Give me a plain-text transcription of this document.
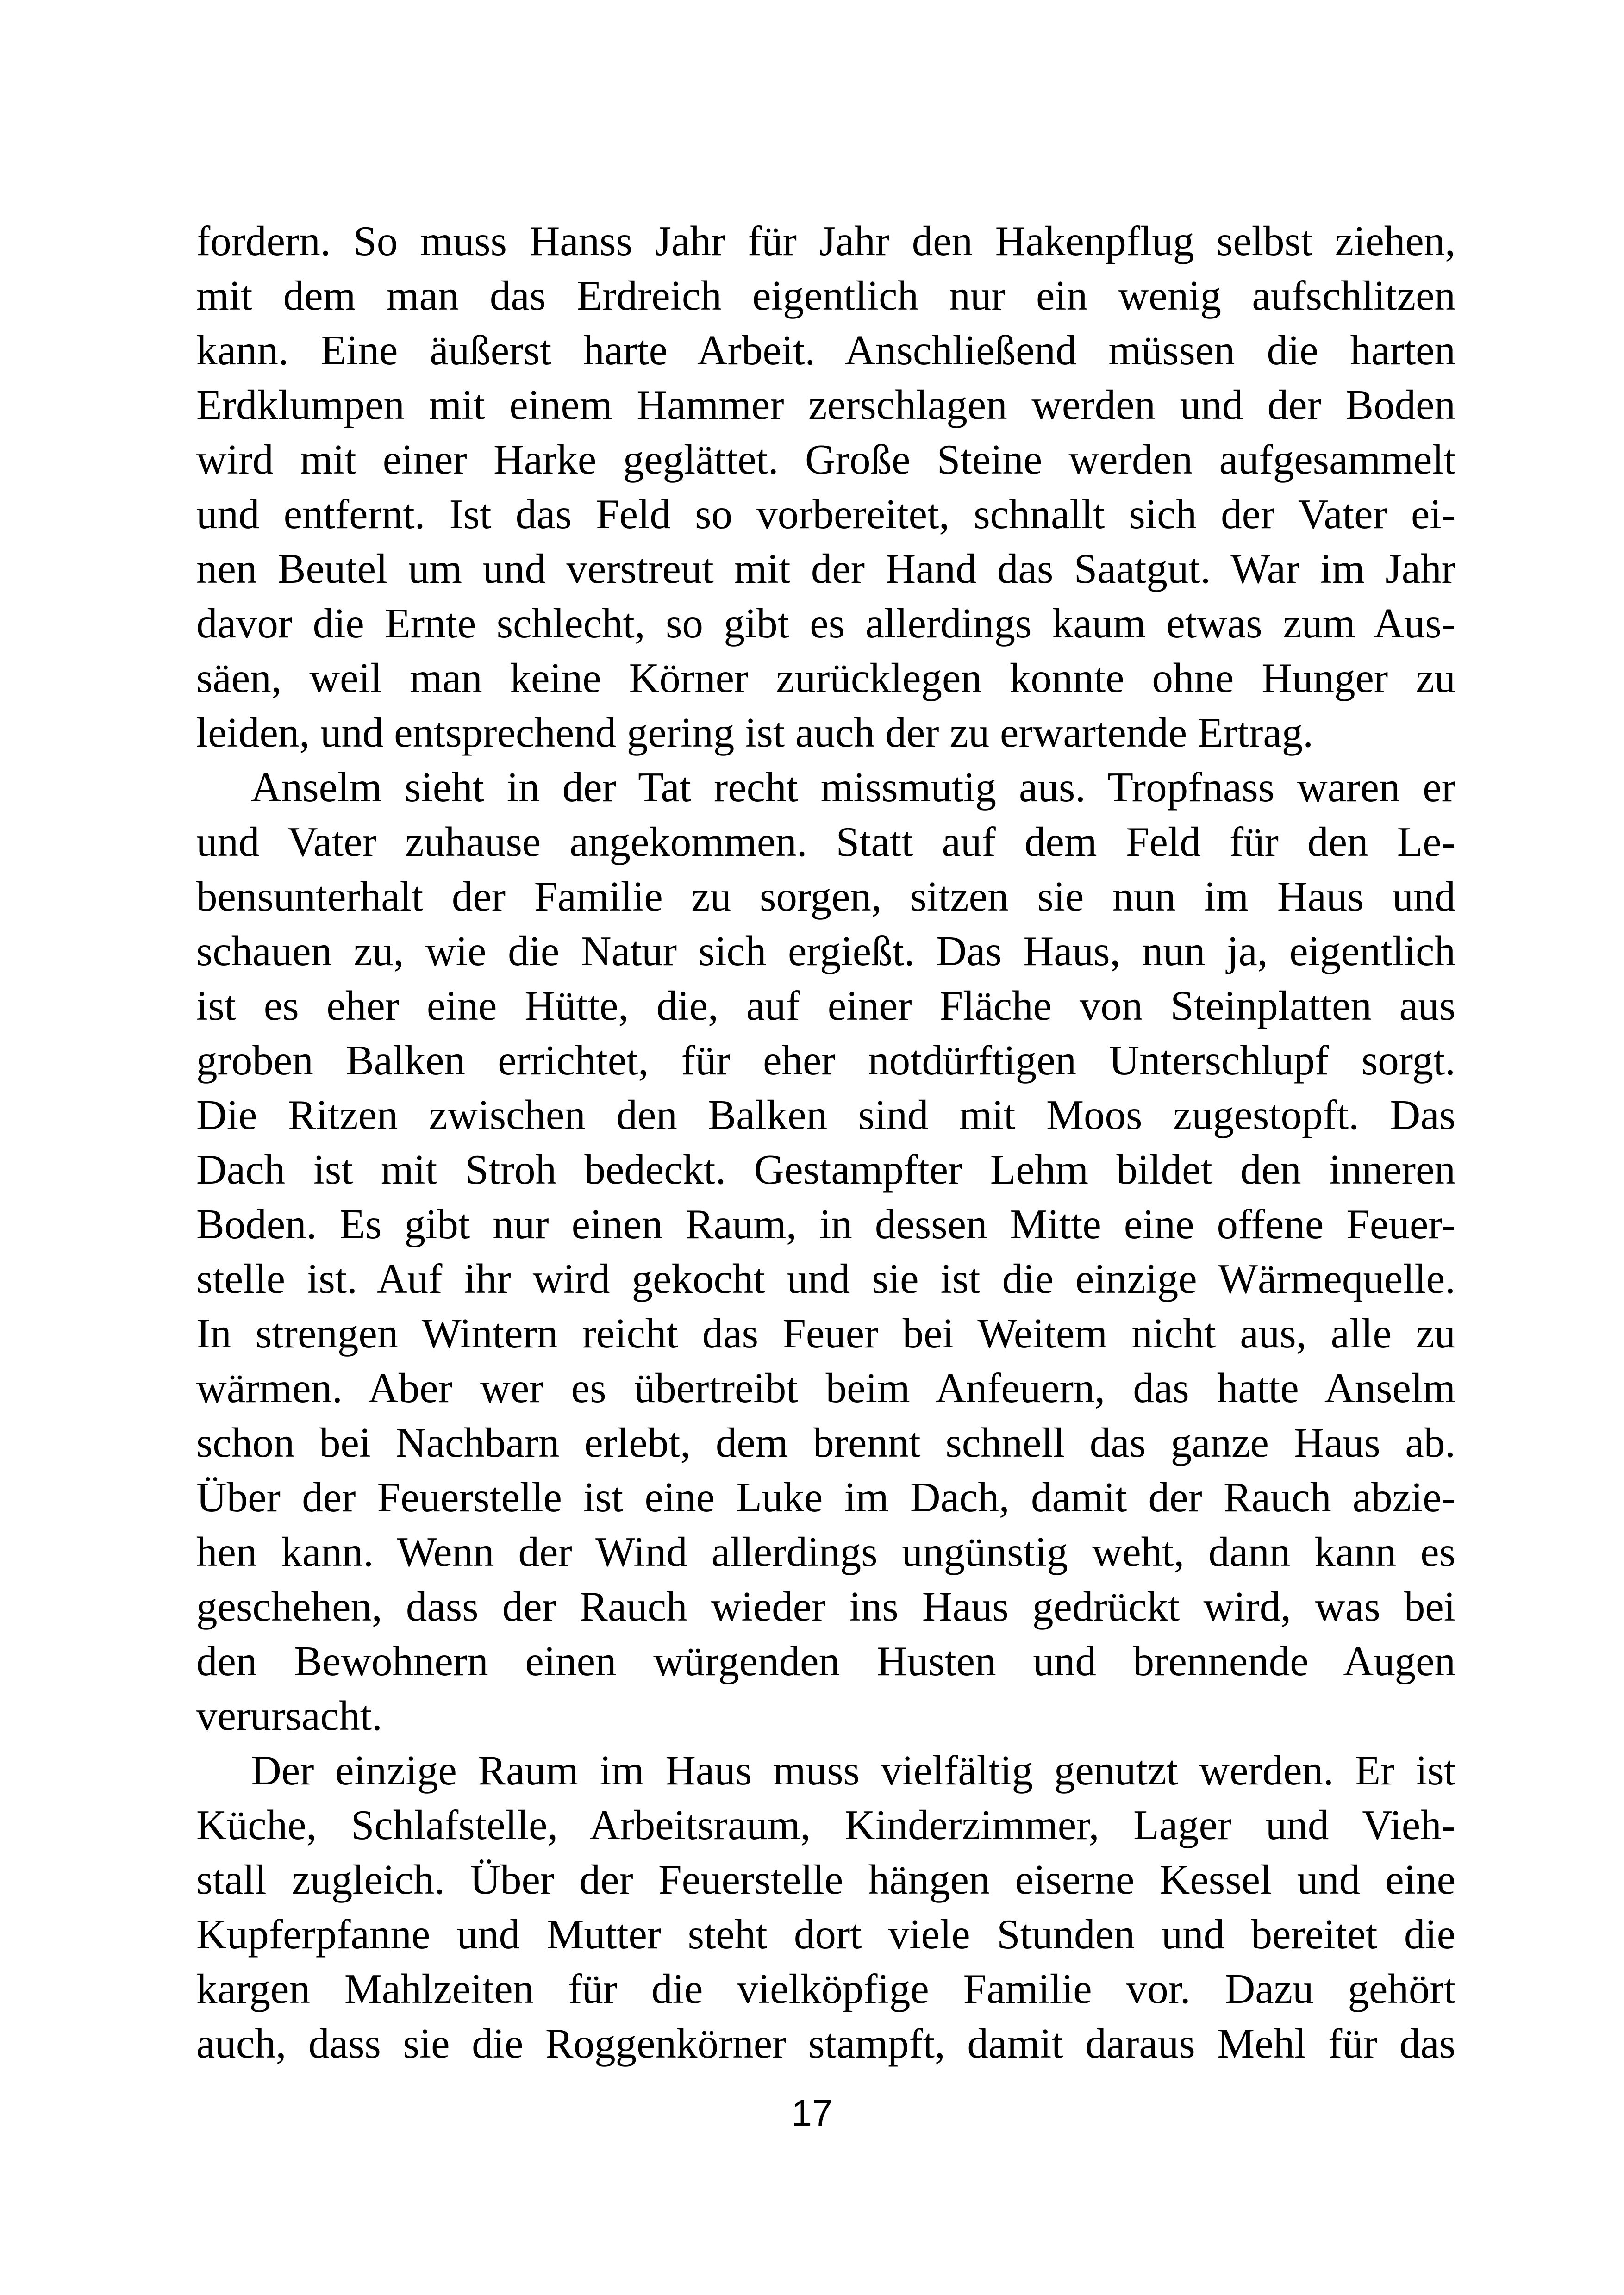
fordern. So muss Hanss Jahr für Jahr den Hakenpflug selbst ziehen,
mit dem man das Erdreich eigentlich nur ein wenig aufschlitzen
kann. Eine äußerst harte Arbeit. Anschließend müssen die harten
Erdklumpen mit einem Hammer zerschlagen werden und der Boden
wird mit einer Harke geglättet. Große Steine werden aufgesammelt
und entfernt. Ist das Feld so vorbereitet, schnallt sich der Vater ei-
nen Beutel um und verstreut mit der Hand das Saatgut. War im Jahr
davor die Ernte schlecht, so gibt es allerdings kaum etwas zum Aus-
säen, weil man keine Körner zurücklegen konnte ohne Hunger zu
leiden, und entsprechend gering ist auch der zu erwartende Ertrag.
Anselm sieht in der Tat recht missmutig aus. Tropfnass waren er
und Vater zuhause angekommen. Statt auf dem Feld für den Le-
bensunterhalt der Familie zu sorgen, sitzen sie nun im Haus und
schauen zu, wie die Natur sich ergießt. Das Haus, nun ja, eigentlich
ist es eher eine Hütte, die, auf einer Fläche von Steinplatten aus
groben Balken errichtet, für eher notdürftigen Unterschlupf sorgt.
Die Ritzen zwischen den Balken sind mit Moos zugestopft. Das
Dach ist mit Stroh bedeckt. Gestampfter Lehm bildet den inneren
Boden. Es gibt nur einen Raum, in dessen Mitte eine offene Feuer-
stelle ist. Auf ihr wird gekocht und sie ist die einzige Wärmequelle.
In strengen Wintern reicht das Feuer bei Weitem nicht aus, alle zu
wärmen. Aber wer es übertreibt beim Anfeuern, das hatte Anselm
schon bei Nachbarn erlebt, dem brennt schnell das ganze Haus ab.
Über der Feuerstelle ist eine Luke im Dach, damit der Rauch abzie-
hen kann. Wenn der Wind allerdings ungünstig weht, dann kann es
geschehen, dass der Rauch wieder ins Haus gedrückt wird, was bei
den Bewohnern einen würgenden Husten und brennende Augen
verursacht.
Der einzige Raum im Haus muss vielfältig genutzt werden. Er ist
Küche, Schlafstelle, Arbeitsraum, Kinderzimmer, Lager und Vieh-
stall zugleich. Über der Feuerstelle hängen eiserne Kessel und eine
Kupferpfanne und Mutter steht dort viele Stunden und bereitet die
kargen Mahlzeiten für die vielköpfige Familie vor. Dazu gehört
auch, dass sie die Roggenkörner stampft, damit daraus Mehl für das
17
